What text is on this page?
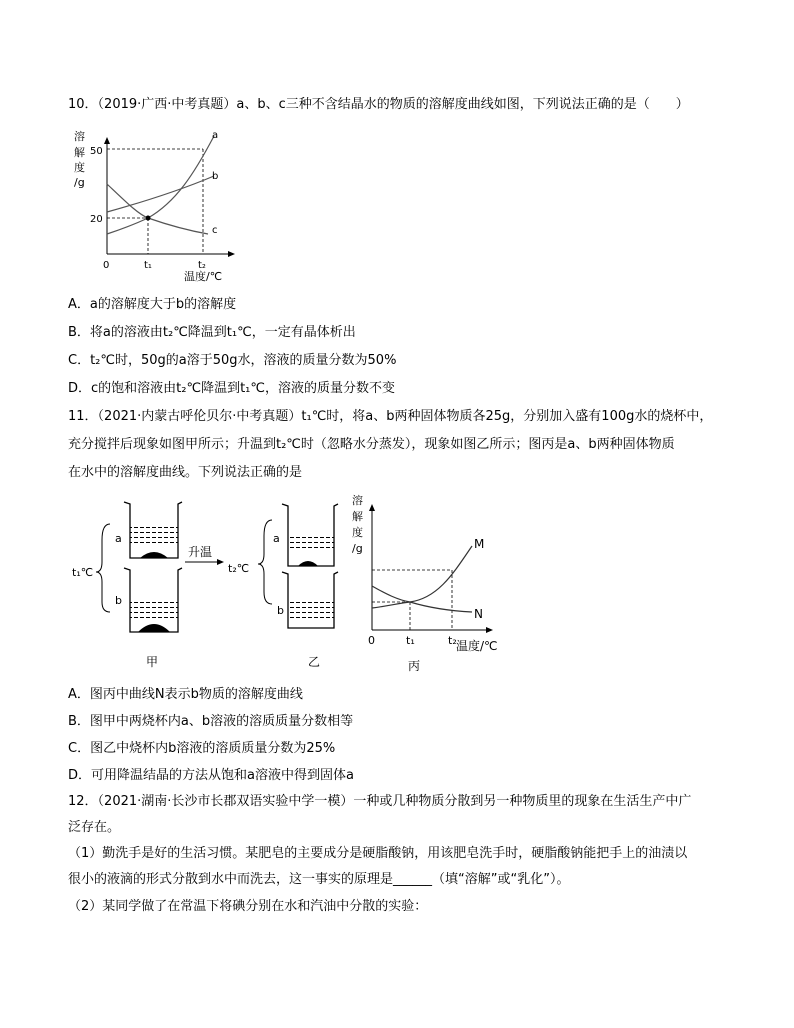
10．（2019·广西·中考真题）a、b、c三种不含结晶水的物质的溶解度曲线如图，下列说法正确的是（　　）
溶
解
度
/g
50
20
0	t₁	t₂
温度/℃
a
b
c
A．a的溶解度大于b的溶解度
B．将a的溶液由t₂℃降温到t₁℃，一定有晶体析出
C．t₂℃时，50g的a溶于50g水，溶液的质量分数为50%
D．c的饱和溶液由t₂℃降温到t₁℃，溶液的质量分数不变
11．（2021·内蒙古呼伦贝尔·中考真题）t₁℃时，将a、b两种固体物质各25g，分别加入盛有100g水的烧杯中，
充分搅拌后现象如图甲所示；升温到t₂℃时（忽略水分蒸发），现象如图乙所示；图丙是a、b两种固体物质
在水中的溶解度曲线。下列说法正确的是
t₁℃
a
b
甲
升温
t₂℃
a
b
乙
溶
解
度
/g	M
N
0	t₁	t₂ 温度/℃
丙
A．图丙中曲线N表示b物质的溶解度曲线
B．图甲中两烧杯内a、b溶液的溶质质量分数相等
C．图乙中烧杯内b溶液的溶质质量分数为25%
D．可用降温结晶的方法从饱和a溶液中得到固体a
12．（2021·湖南·长沙市长郡双语实验中学一模）一种或几种物质分散到另一种物质里的现象在生活生产中广
泛存在。
（1）勤洗手是好的生活习惯。某肥皂的主要成分是硬脂酸钠，用该肥皂洗手时，硬脂酸钠能把手上的油渍以
很小的液滴的形式分散到水中而洗去，这一事实的原理是______（填“溶解”或“乳化”）。
（2）某同学做了在常温下将碘分别在水和汽油中分散的实验：
